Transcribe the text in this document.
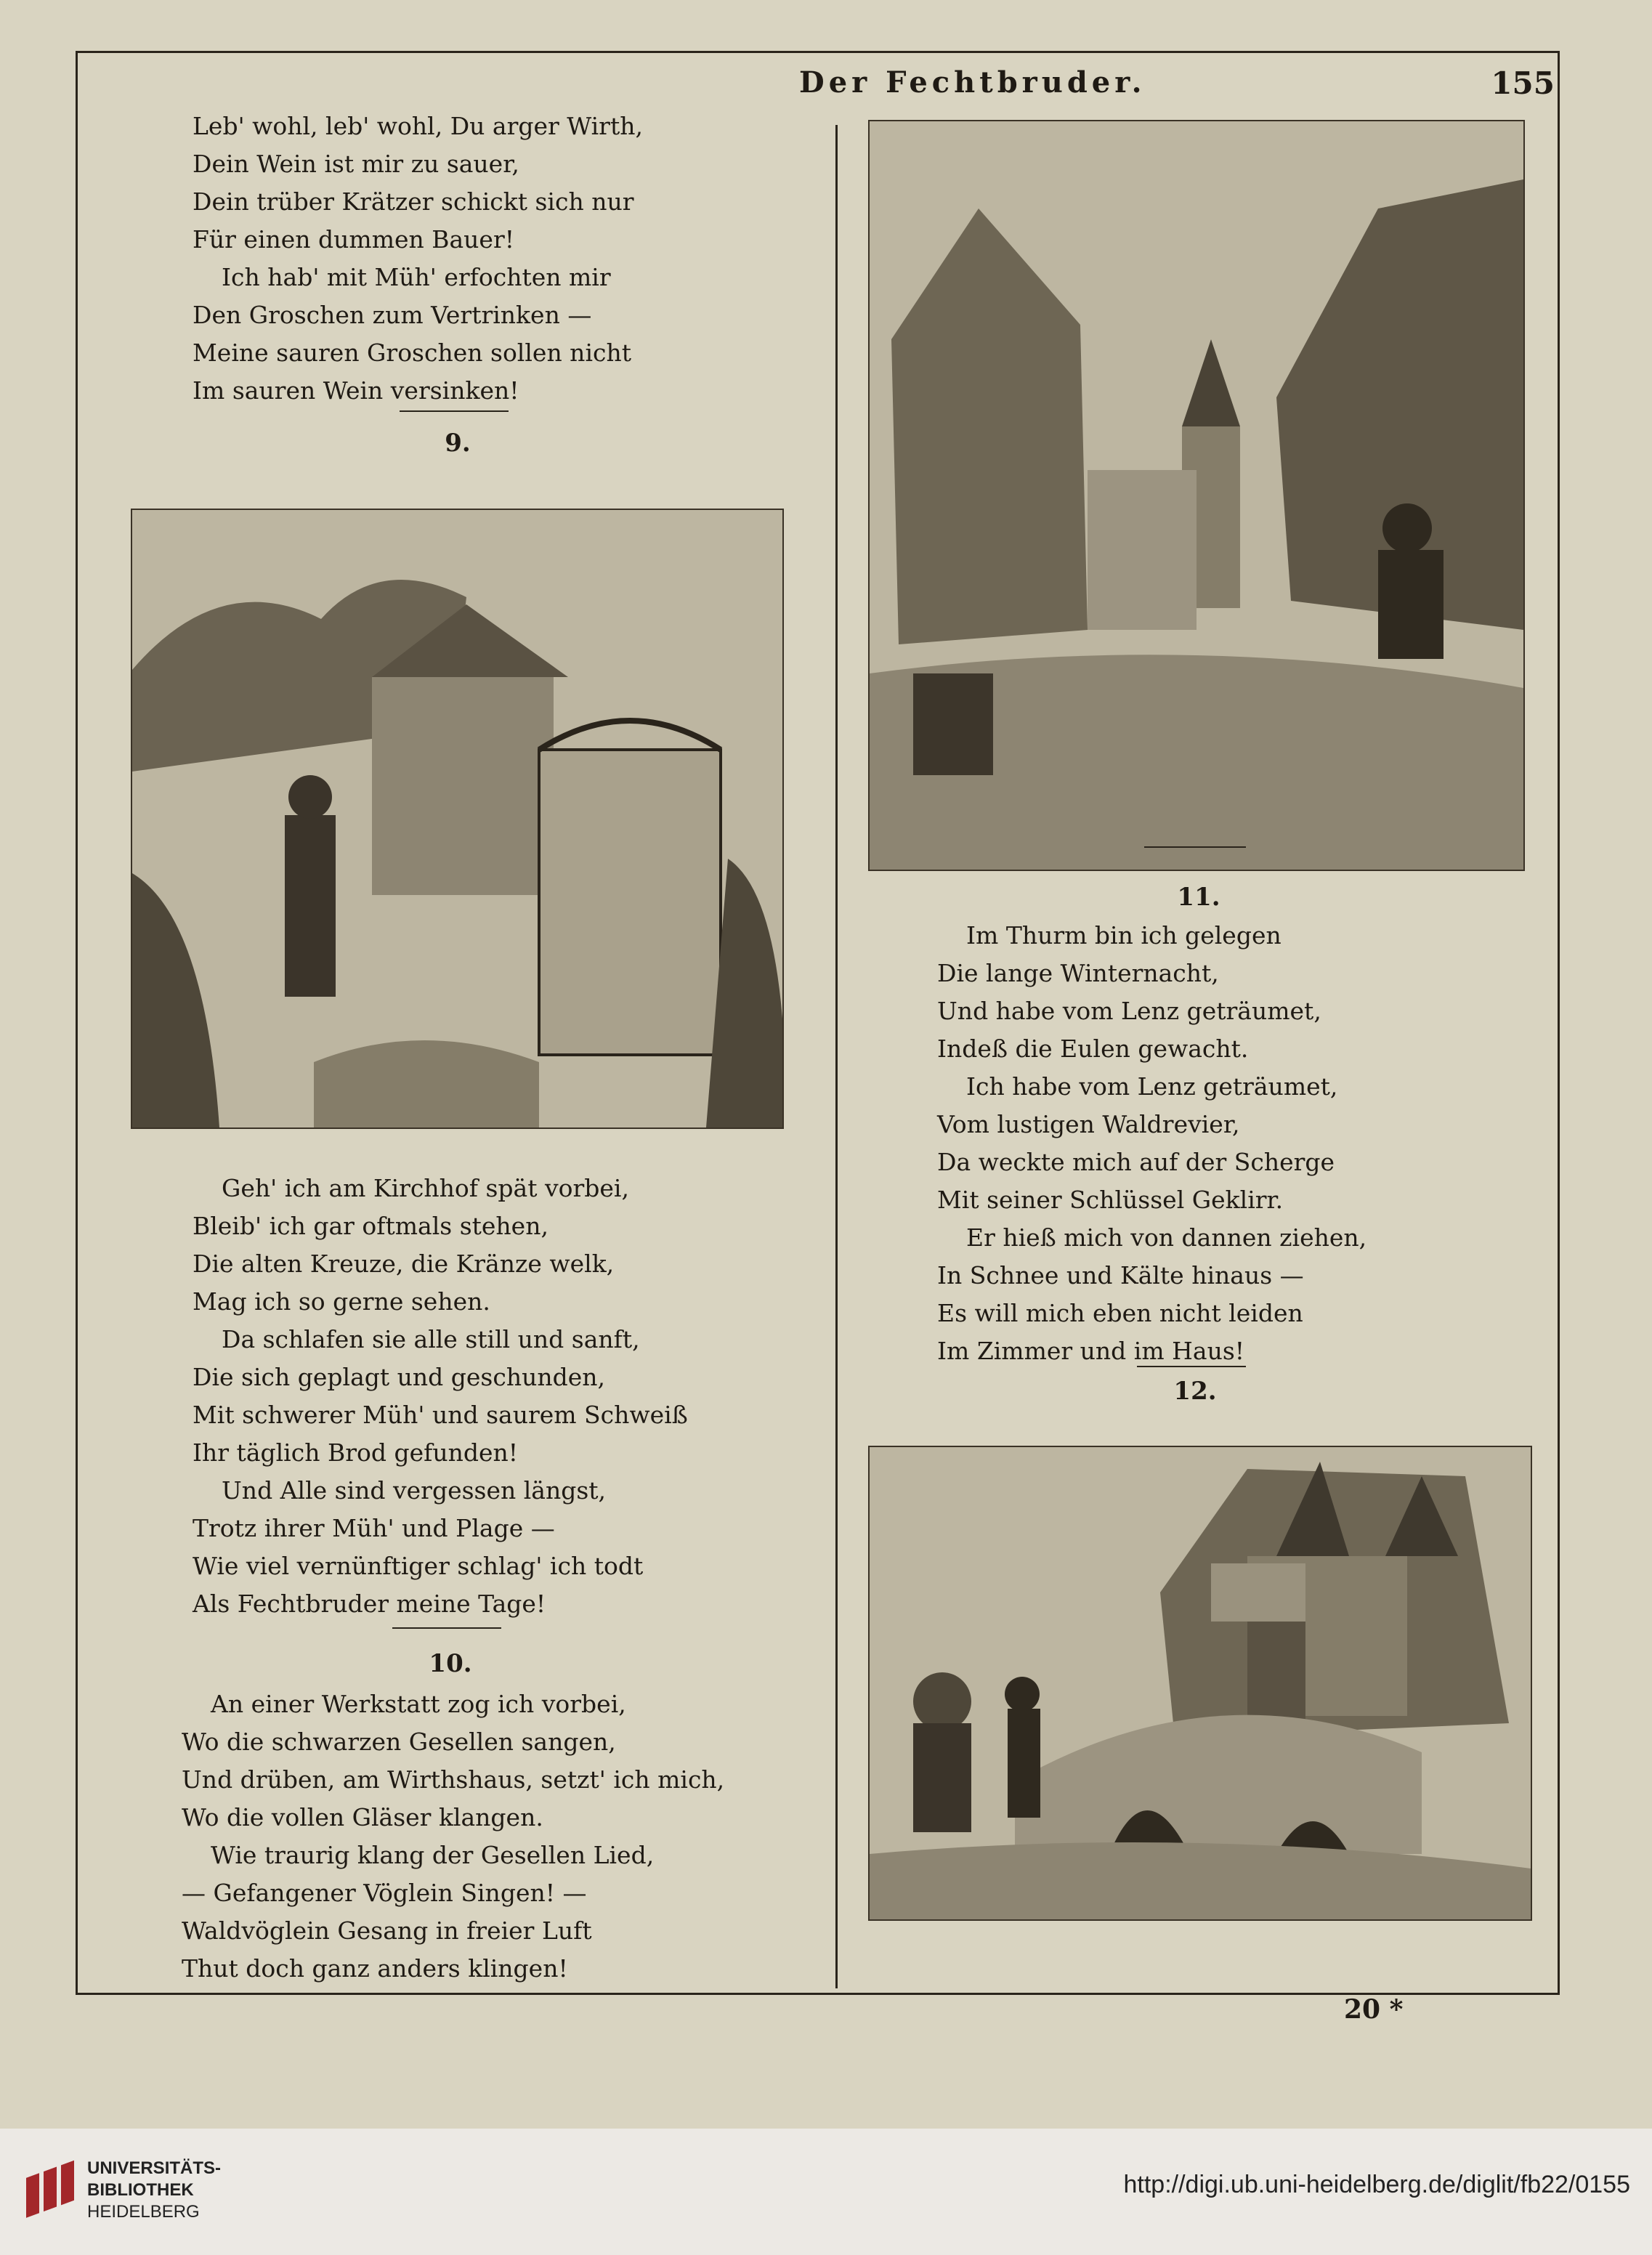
Der Fechtbruder.	155
Leb' wohl, leb' wohl, Du arger Wirth,
Dein Wein ist mir zu sauer,
Dein trüber Krätzer schickt sich nur
Für einen dummen Bauer!
Ich hab' mit Müh' erfochten mir
Den Groschen zum Vertrinken —
Meine sauren Groschen sollen nicht
Im sauren Wein versinken!
9.
Geh' ich am Kirchhof spät vorbei,
Bleib' ich gar oftmals stehen,
Die alten Kreuze, die Kränze welk,
Mag ich so gerne sehen.
Da schlafen sie alle still und sanft,
Die sich geplagt und geschunden,
Mit schwerer Müh' und saurem Schweiß
Ihr täglich Brod gefunden!
Und Alle sind vergessen längst,
Trotz ihrer Müh' und Plage —
Wie viel vernünftiger schlag' ich todt
Als Fechtbruder meine Tage!
10.
An einer Werkstatt zog ich vorbei,
Wo die schwarzen Gesellen sangen,
Und drüben, am Wirthshaus, setzt' ich mich,
Wo die vollen Gläser klangen.
Wie traurig klang der Gesellen Lied,
— Gefangener Vöglein Singen! —
Waldvöglein Gesang in freier Luft
Thut doch ganz anders klingen!
11.
Im Thurm bin ich gelegen
Die lange Winternacht,
Und habe vom Lenz geträumet,
Indeß die Eulen gewacht.
Ich habe vom Lenz geträumet,
Vom lustigen Waldrevier,
Da weckte mich auf der Scherge
Mit seiner Schlüssel Geklirr.
Er hieß mich von dannen ziehen,
In Schnee und Kälte hinaus —
Es will mich eben nicht leiden
Im Zimmer und im Haus!
12.
20 *
UNIVERSITÄTS-
BIBLIOTHEK
HEIDELBERG
http://digi.ub.uni-heidelberg.de/diglit/fb22/0155
